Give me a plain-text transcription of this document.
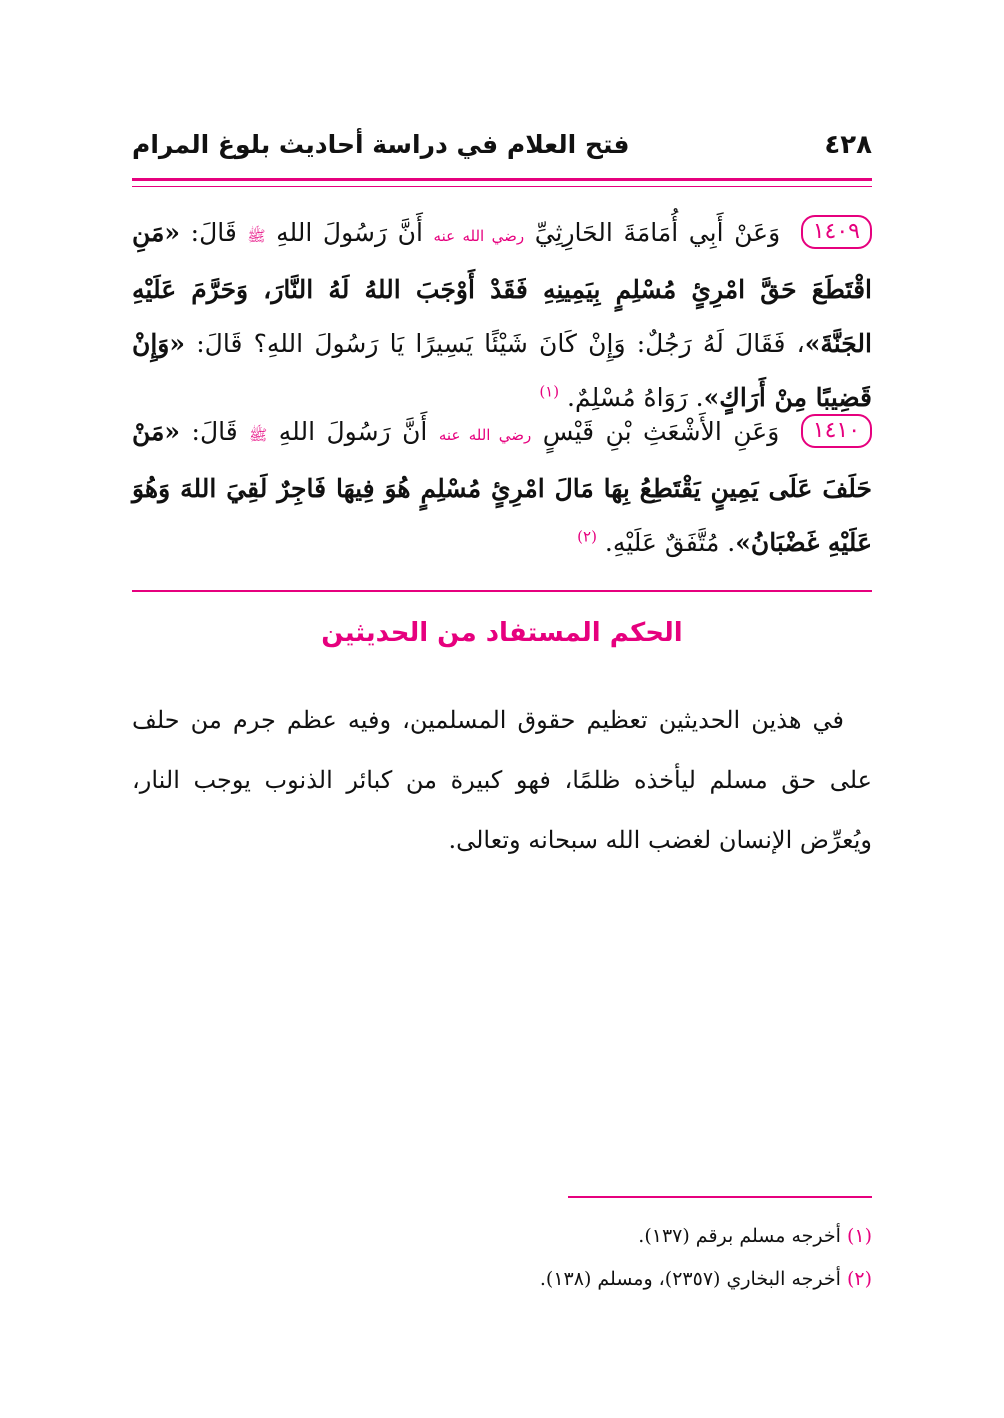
٤٢٨
فتح العلام في دراسة أحاديث بلوغ المرام
١٤٠٩ وَعَنْ أَبِي أُمَامَةَ الحَارِثِيِّ رضي الله عنه أَنَّ رَسُولَ اللهِ ﷺ قَالَ: «مَنِ اقْتَطَعَ حَقَّ امْرِئٍ مُسْلِمٍ بِيَمِينِهِ فَقَدْ أَوْجَبَ اللهُ لَهُ النَّارَ، وَحَرَّمَ عَلَيْهِ الجَنَّةَ»، فَقَالَ لَهُ رَجُلٌ: وَإِنْ كَانَ شَيْئًا يَسِيرًا يَا رَسُولَ اللهِ؟ قَالَ: «وَإِنْ قَضِيبًا مِنْ أَرَاكٍ». رَوَاهُ مُسْلِمٌ. $^{(١)}$
١٤١٠ وَعَنِ الأَشْعَثِ بْنِ قَيْسٍ رضي الله عنه أَنَّ رَسُولَ اللهِ ﷺ قَالَ: «مَنْ حَلَفَ عَلَى يَمِينٍ يَقْتَطِعُ بِهَا مَالَ امْرِئٍ مُسْلِمٍ هُوَ فِيهَا فَاجِرٌ لَقِيَ اللهَ وَهُوَ عَلَيْهِ غَضْبَانُ». مُتَّفَقٌ عَلَيْهِ. $^{(٢)}$
الحكم المستفاد من الحديثين
في هذين الحديثين تعظيم حقوق المسلمين، وفيه عظم جرم من حلف على حق مسلم ليأخذه ظلمًا، فهو كبيرة من كبائر الذنوب يوجب النار، ويُعرِّض الإنسان لغضب الله سبحانه وتعالى.
(١) أخرجه مسلم برقم (١٣٧).
(٢) أخرجه البخاري (٢٣٥٧)، ومسلم (١٣٨).
